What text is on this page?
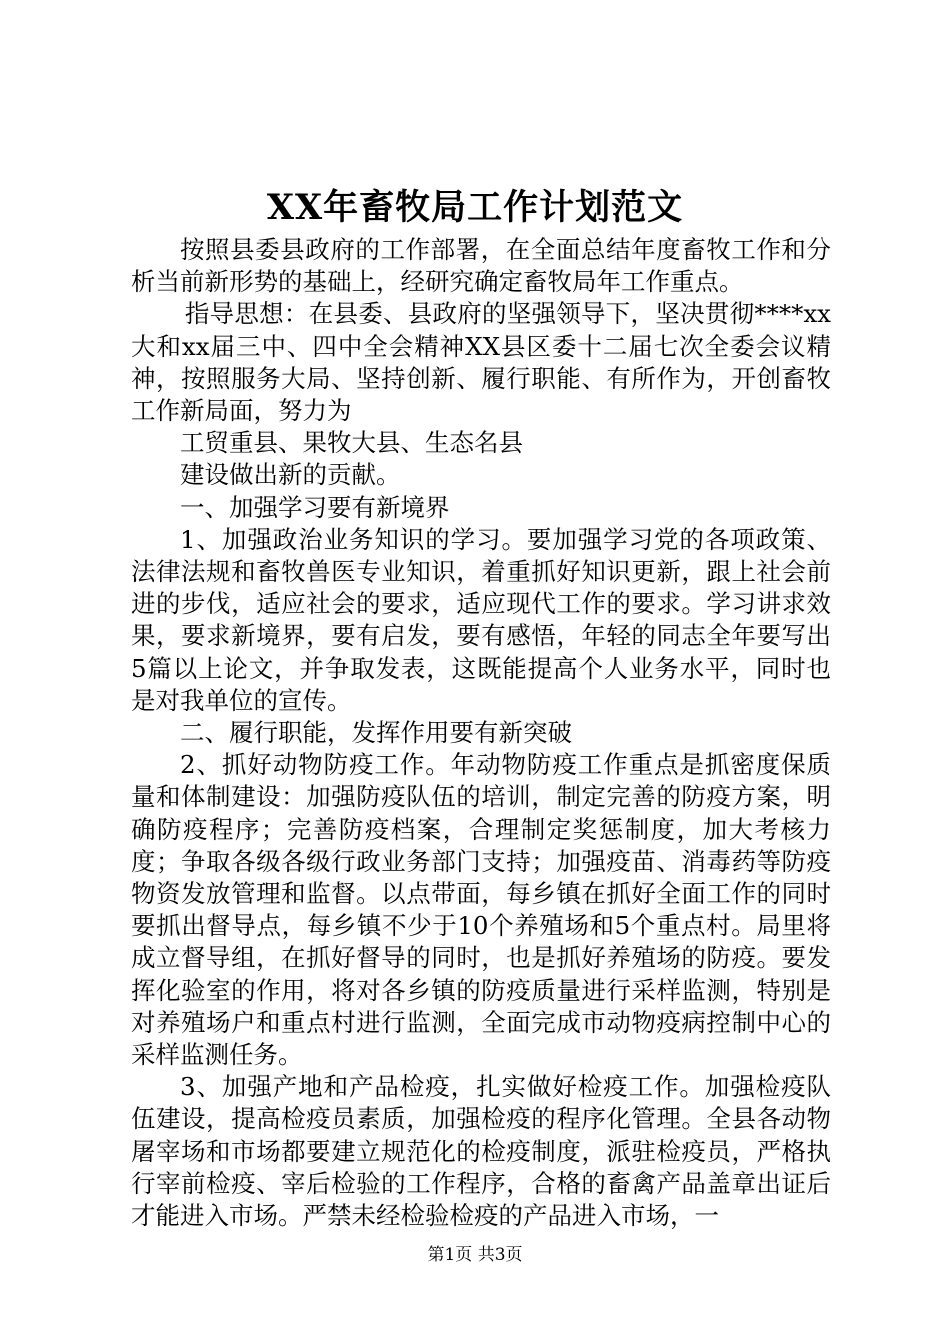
XX年畜牧局工作计划范文

按照县委县政府的工作部署，在全面总结年度畜牧工作和分析当前新形势的基础上，经研究确定畜牧局年工作重点。

指导思想：在县委、县政府的坚强领导下，坚决贯彻****xx大和xx届三中、四中全会精神XX县区委十二届七次全委会议精神，按照服务大局、坚持创新、履行职能、有所作为，开创畜牧工作新局面，努力为

工贸重县、果牧大县、生态名县

建设做出新的贡献。

一、加强学习要有新境界

1、加强政治业务知识的学习。要加强学习党的各项政策、法律法规和畜牧兽医专业知识，着重抓好知识更新，跟上社会前进的步伐，适应社会的要求，适应现代工作的要求。学习讲求效果，要求新境界，要有启发，要有感悟，年轻的同志全年要写出5篇以上论文，并争取发表，这既能提高个人业务水平，同时也是对我单位的宣传。

二、履行职能，发挥作用要有新突破

2、抓好动物防疫工作。年动物防疫工作重点是抓密度保质量和体制建设：加强防疫队伍的培训，制定完善的防疫方案，明确防疫程序；完善防疫档案，合理制定奖惩制度，加大考核力度；争取各级各级行政业务部门支持；加强疫苗、消毒药等防疫物资发放管理和监督。以点带面，每乡镇在抓好全面工作的同时要抓出督导点，每乡镇不少于10个养殖场和5个重点村。局里将成立督导组，在抓好督导的同时，也是抓好养殖场的防疫。要发挥化验室的作用，将对各乡镇的防疫质量进行采样监测，特别是对养殖场户和重点村进行监测，全面完成市动物疫病控制中心的采样监测任务。

3、加强产地和产品检疫，扎实做好检疫工作。加强检疫队伍建设，提高检疫员素质，加强检疫的程序化管理。全县各动物屠宰场和市场都要建立规范化的检疫制度，派驻检疫员，严格执行宰前检疫、宰后检验的工作程序，合格的畜禽产品盖章出证后才能进入市场。严禁未经检验检疫的产品进入市场，一

第1页 共3页
